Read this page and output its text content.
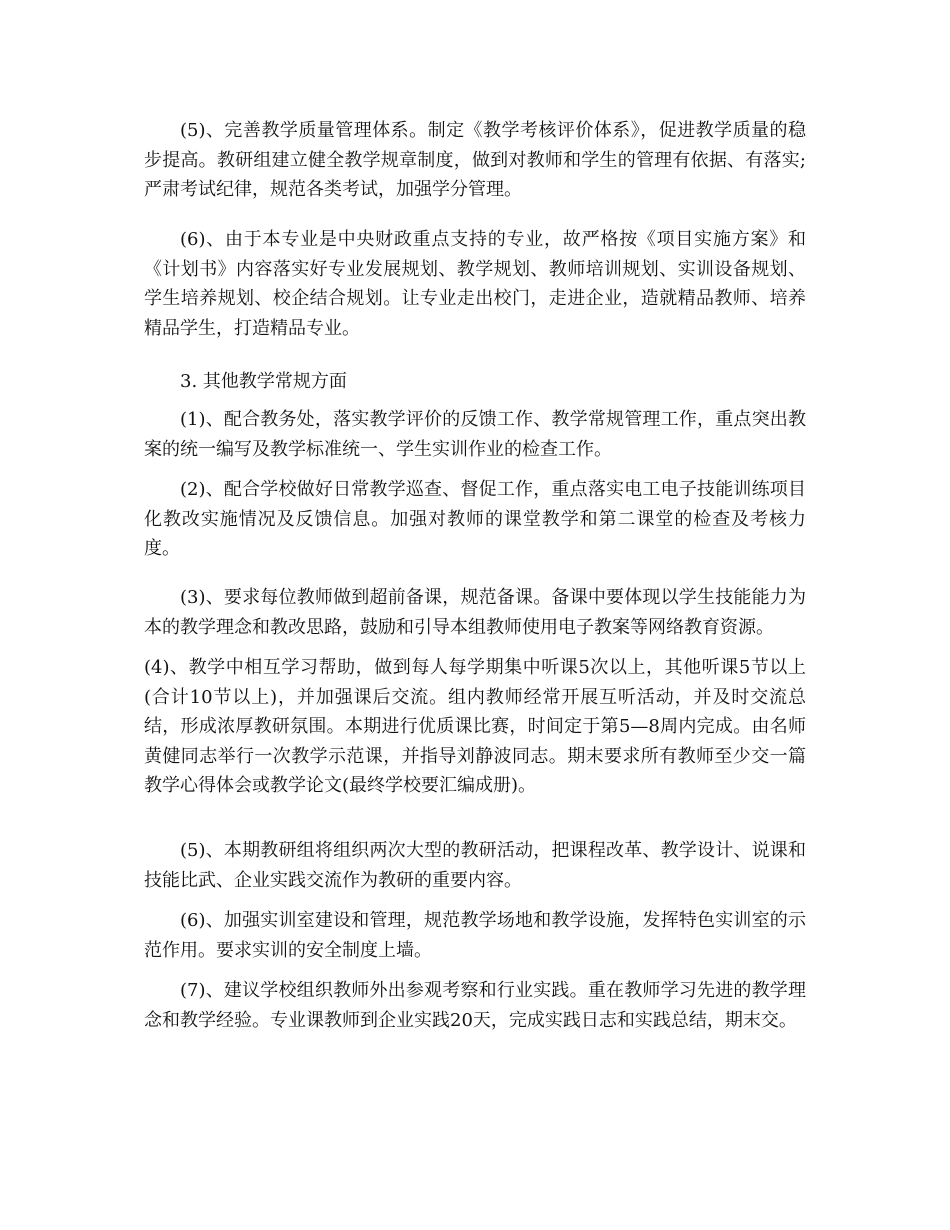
(5)、完善教学质量管理体系。制定《教学考核评价体系》，促进教学质量的稳步提高。教研组建立健全教学规章制度，做到对教师和学生的管理有依据、有落实;严肃考试纪律，规范各类考试，加强学分管理。

(6)、由于本专业是中央财政重点支持的专业，故严格按《项目实施方案》和《计划书》内容落实好专业发展规划、教学规划、教师培训规划、实训设备规划、学生培养规划、校企结合规划。让专业走出校门，走进企业，造就精品教师、培养精品学生，打造精品专业。

3. 其他教学常规方面

(1)、配合教务处，落实教学评价的反馈工作、教学常规管理工作，重点突出教案的统一编写及教学标准统一、学生实训作业的检查工作。

(2)、配合学校做好日常教学巡查、督促工作，重点落实电工电子技能训练项目化教改实施情况及反馈信息。加强对教师的课堂教学和第二课堂的检查及考核力度。

(3)、要求每位教师做到超前备课，规范备课。备课中要体现以学生技能能力为本的教学理念和教改思路，鼓励和引导本组教师使用电子教案等网络教育资源。

(4)、教学中相互学习帮助，做到每人每学期集中听课5次以上，其他听课5节以上(合计10节以上)，并加强课后交流。组内教师经常开展互听活动，并及时交流总结，形成浓厚教研氛围。本期进行优质课比赛，时间定于第5—8周内完成。由名师黄健同志举行一次教学示范课，并指导刘静波同志。期末要求所有教师至少交一篇教学心得体会或教学论文(最终学校要汇编成册)。

(5)、本期教研组将组织两次大型的教研活动，把课程改革、教学设计、说课和技能比武、企业实践交流作为教研的重要内容。

(6)、加强实训室建设和管理，规范教学场地和教学设施，发挥特色实训室的示范作用。要求实训的安全制度上墙。

(7)、建议学校组织教师外出参观考察和行业实践。重在教师学习先进的教学理念和教学经验。专业课教师到企业实践20天，完成实践日志和实践总结，期末交。
